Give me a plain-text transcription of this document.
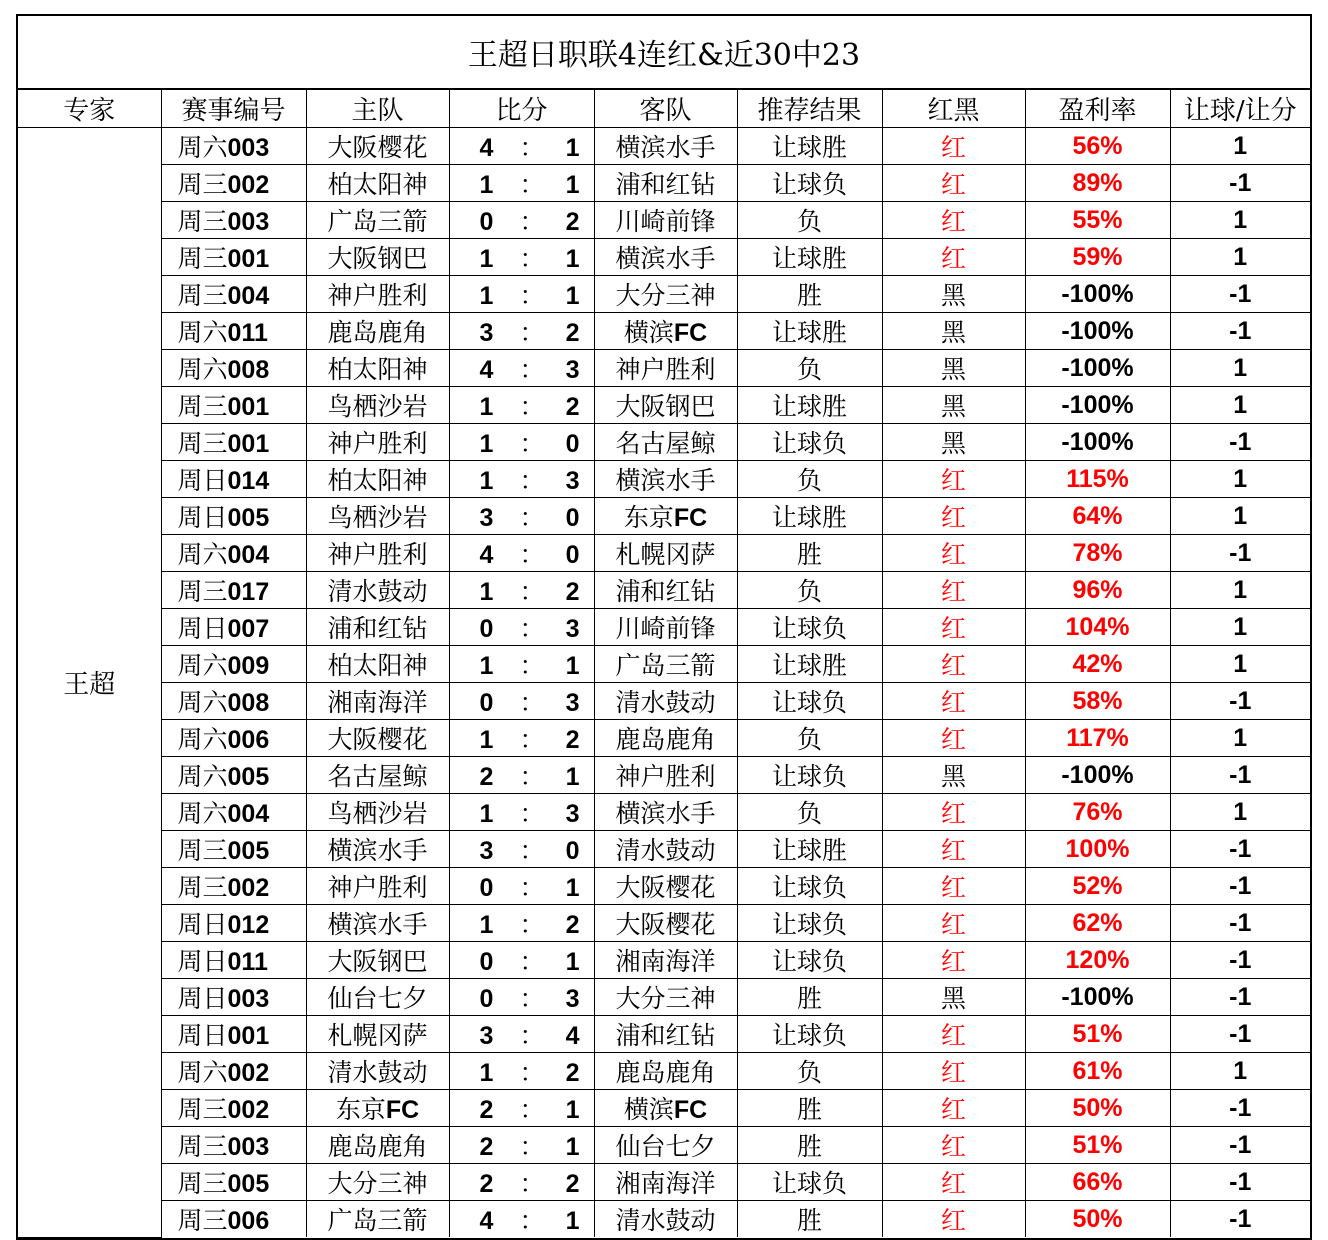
王超日职联4连红&近30中23
专家	赛事编号	主队	比分	客队	推荐结果	红黑	盈利率	让球/让分
王超	周六003	大阪樱花	4 ： 1	横滨水手	让球胜	红	56%	1
	周三002	柏太阳神	1 ： 1	浦和红钻	让球负	红	89%	-1
	周三003	广岛三箭	0 ： 2	川崎前锋	负	红	55%	1
	周三001	大阪钢巴	1 ： 1	横滨水手	让球胜	红	59%	1
	周三004	神户胜利	1 ： 1	大分三神	胜	黑	-100%	-1
	周六011	鹿岛鹿角	3 ： 2	横滨FC	让球胜	黑	-100%	-1
	周六008	柏太阳神	4 ： 3	神户胜利	负	黑	-100%	1
	周三001	鸟栖沙岩	1 ： 2	大阪钢巴	让球胜	黑	-100%	1
	周三001	神户胜利	1 ： 0	名古屋鲸	让球负	黑	-100%	-1
	周日014	柏太阳神	1 ： 3	横滨水手	负	红	115%	1
	周日005	鸟栖沙岩	3 ： 0	东京FC	让球胜	红	64%	1
	周六004	神户胜利	4 ： 0	札幌冈萨	胜	红	78%	-1
	周三017	清水鼓动	1 ： 2	浦和红钻	负	红	96%	1
	周日007	浦和红钻	0 ： 3	川崎前锋	让球负	红	104%	1
	周六009	柏太阳神	1 ： 1	广岛三箭	让球胜	红	42%	1
	周六008	湘南海洋	0 ： 3	清水鼓动	让球负	红	58%	-1
	周六006	大阪樱花	1 ： 2	鹿岛鹿角	负	红	117%	1
	周六005	名古屋鲸	2 ： 1	神户胜利	让球负	黑	-100%	-1
	周六004	鸟栖沙岩	1 ： 3	横滨水手	负	红	76%	1
	周三005	横滨水手	3 ： 0	清水鼓动	让球胜	红	100%	-1
	周三002	神户胜利	0 ： 1	大阪樱花	让球负	红	52%	-1
	周日012	横滨水手	1 ： 2	大阪樱花	让球负	红	62%	-1
	周日011	大阪钢巴	0 ： 1	湘南海洋	让球负	红	120%	-1
	周日003	仙台七夕	0 ： 3	大分三神	胜	黑	-100%	-1
	周日001	札幌冈萨	3 ： 4	浦和红钻	让球负	红	51%	-1
	周六002	清水鼓动	1 ： 2	鹿岛鹿角	负	红	61%	1
	周三002	东京FC	2 ： 1	横滨FC	胜	红	50%	-1
	周三003	鹿岛鹿角	2 ： 1	仙台七夕	胜	红	51%	-1
	周三005	大分三神	2 ： 2	湘南海洋	让球负	红	66%	-1
	周三006	广岛三箭	4 ： 1	清水鼓动	胜	红	50%	-1
